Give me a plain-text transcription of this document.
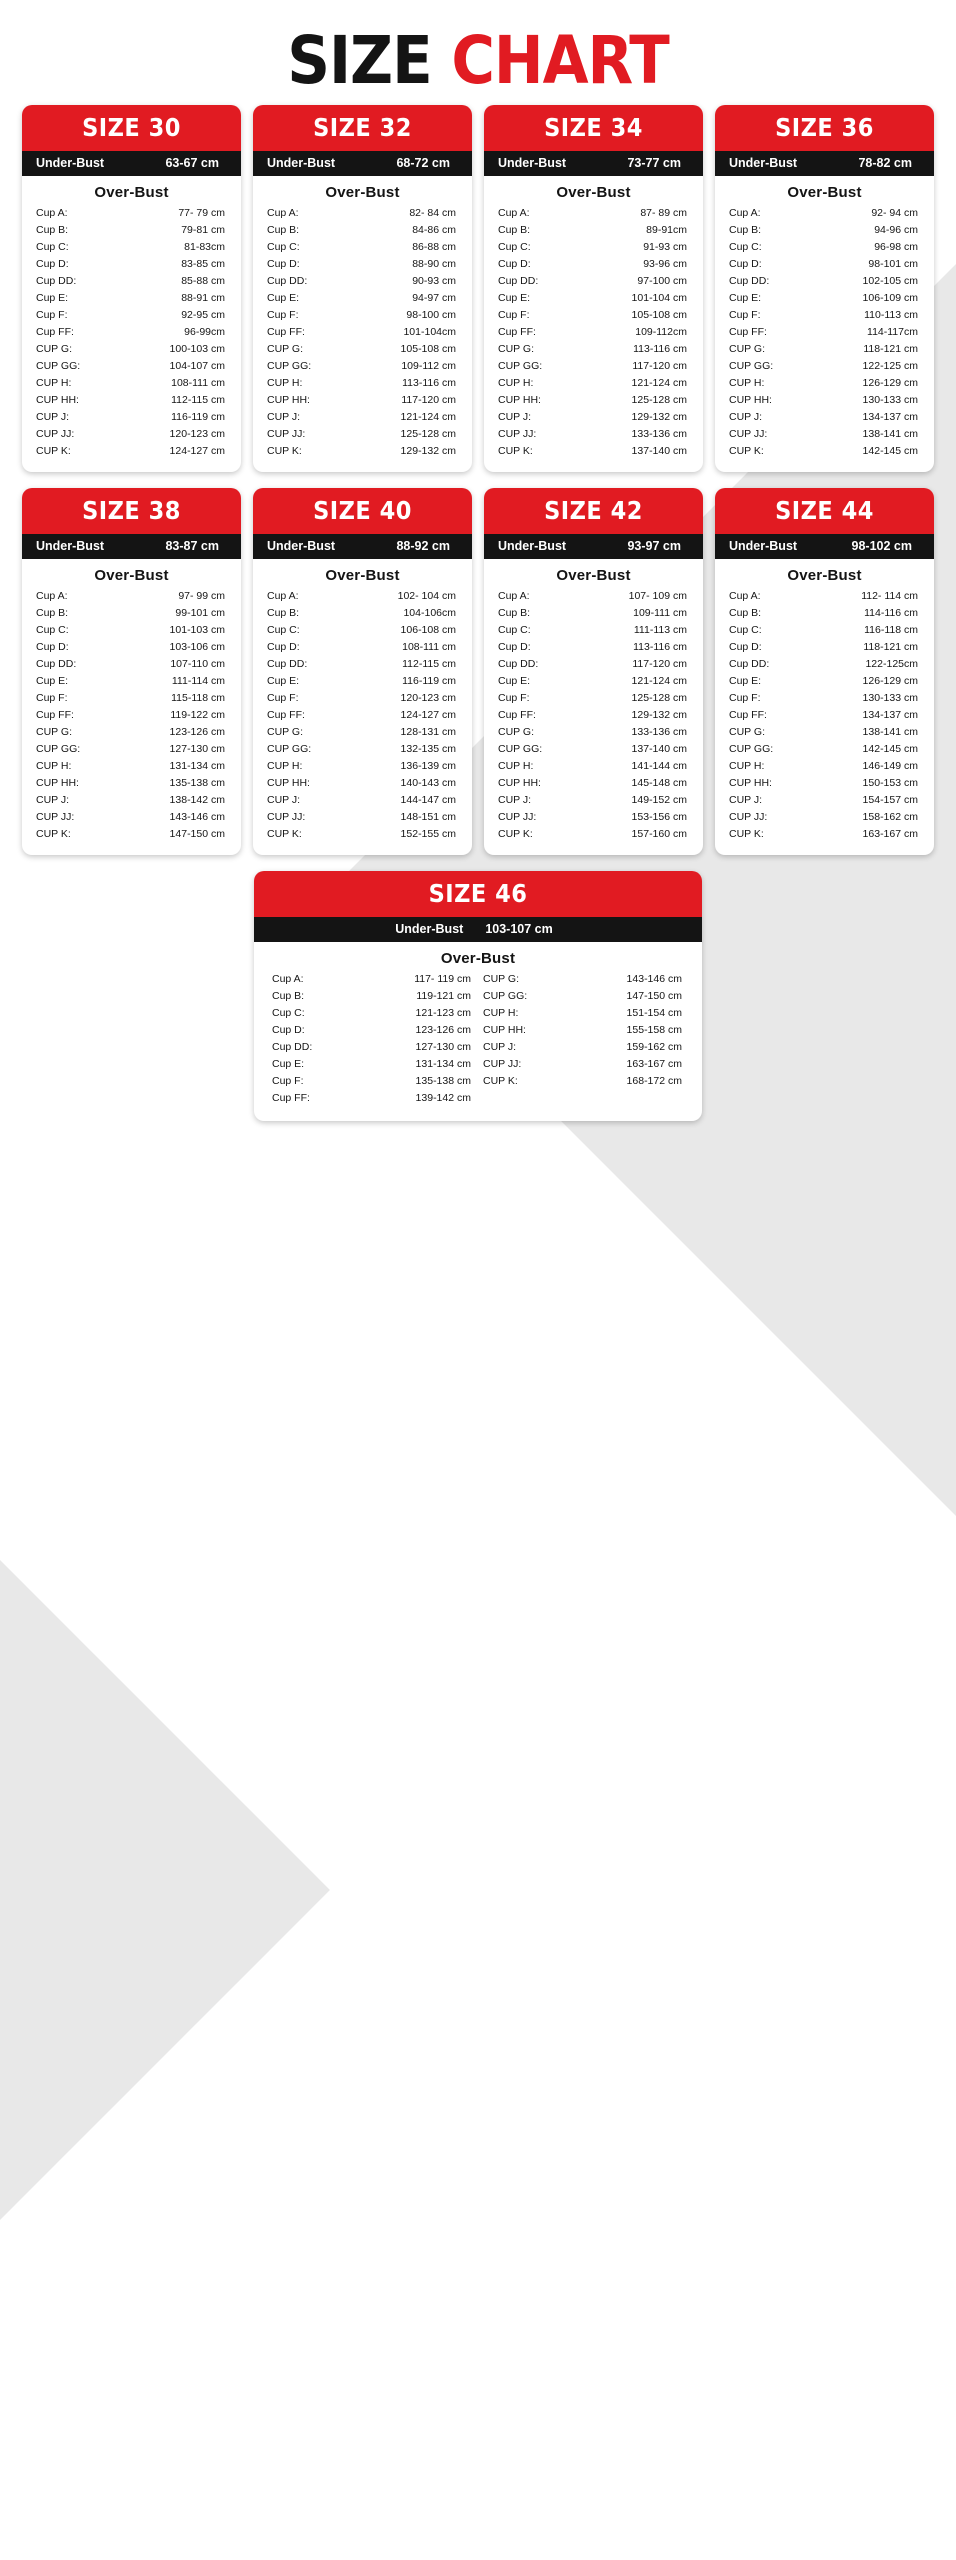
SIZE CHART
SIZE 30
Under-Bust	63-67 cm
Over-Bust
Cup A:	77- 79 cm
Cup B:	79-81 cm
Cup C:	81-83cm
Cup D:	83-85 cm
Cup DD:	85-88 cm
Cup E:	88-91 cm
Cup F:	92-95 cm
Cup FF:	96-99cm
CUP G:	100-103 cm
CUP GG:	104-107 cm
CUP H:	108-111 cm
CUP HH:	112-115 cm
CUP J:	116-119 cm
CUP JJ:	120-123 cm
CUP K:	124-127 cm
SIZE 32
Under-Bust	68-72 cm
Over-Bust
Cup A:	82- 84 cm
Cup B:	84-86 cm
Cup C:	86-88 cm
Cup D:	88-90 cm
Cup DD:	90-93 cm
Cup E:	94-97 cm
Cup F:	98-100 cm
Cup FF:	101-104cm
CUP G:	105-108 cm
CUP GG:	109-112 cm
CUP H:	113-116 cm
CUP HH:	117-120 cm
CUP J:	121-124 cm
CUP JJ:	125-128 cm
CUP K:	129-132 cm
SIZE 34
Under-Bust	73-77 cm
Over-Bust
Cup A:	87- 89 cm
Cup B:	89-91cm
Cup C:	91-93 cm
Cup D:	93-96 cm
Cup DD:	97-100 cm
Cup E:	101-104 cm
Cup F:	105-108 cm
Cup FF:	109-112cm
CUP G:	113-116 cm
CUP GG:	117-120 cm
CUP H:	121-124 cm
CUP HH:	125-128 cm
CUP J:	129-132 cm
CUP JJ:	133-136 cm
CUP K:	137-140 cm
SIZE 36
Under-Bust	78-82 cm
Over-Bust
Cup A:	92- 94 cm
Cup B:	94-96 cm
Cup C:	96-98 cm
Cup D:	98-101 cm
Cup DD:	102-105 cm
Cup E:	106-109 cm
Cup F:	110-113 cm
Cup FF:	114-117cm
CUP G:	118-121 cm
CUP GG:	122-125 cm
CUP H:	126-129 cm
CUP HH:	130-133 cm
CUP J:	134-137 cm
CUP JJ:	138-141 cm
CUP K:	142-145 cm
SIZE 38
Under-Bust	83-87 cm
Over-Bust
Cup A:	97- 99 cm
Cup B:	99-101 cm
Cup C:	101-103 cm
Cup D:	103-106 cm
Cup DD:	107-110 cm
Cup E:	111-114 cm
Cup F:	115-118 cm
Cup FF:	119-122 cm
CUP G:	123-126 cm
CUP GG:	127-130 cm
CUP H:	131-134 cm
CUP HH:	135-138 cm
CUP J:	138-142 cm
CUP JJ:	143-146 cm
CUP K:	147-150 cm
SIZE 40
Under-Bust	88-92 cm
Over-Bust
Cup A:	102- 104 cm
Cup B:	104-106cm
Cup C:	106-108 cm
Cup D:	108-111 cm
Cup DD:	112-115 cm
Cup E:	116-119 cm
Cup F:	120-123 cm
Cup FF:	124-127 cm
CUP G:	128-131 cm
CUP GG:	132-135 cm
CUP H:	136-139 cm
CUP HH:	140-143 cm
CUP J:	144-147 cm
CUP JJ:	148-151 cm
CUP K:	152-155 cm
SIZE 42
Under-Bust	93-97 cm
Over-Bust
Cup A:	107- 109 cm
Cup B:	109-111 cm
Cup C:	111-113 cm
Cup D:	113-116 cm
Cup DD:	117-120 cm
Cup E:	121-124 cm
Cup F:	125-128 cm
Cup FF:	129-132 cm
CUP G:	133-136 cm
CUP GG:	137-140 cm
CUP H:	141-144 cm
CUP HH:	145-148 cm
CUP J:	149-152 cm
CUP JJ:	153-156 cm
CUP K:	157-160 cm
SIZE 44
Under-Bust	98-102 cm
Over-Bust
Cup A:	112- 114 cm
Cup B:	114-116 cm
Cup C:	116-118 cm
Cup D:	118-121 cm
Cup DD:	122-125cm
Cup E:	126-129 cm
Cup F:	130-133 cm
Cup FF:	134-137 cm
CUP G:	138-141 cm
CUP GG:	142-145 cm
CUP H:	146-149 cm
CUP HH:	150-153 cm
CUP J:	154-157 cm
CUP JJ:	158-162 cm
CUP K:	163-167 cm
SIZE 46
Under-Bust 103-107 cm
Over-Bust
Cup A:	117- 119 cm
Cup B:	119-121 cm
Cup C:	121-123 cm
Cup D:	123-126 cm
Cup DD:	127-130 cm
Cup E:	131-134 cm
Cup F:	135-138 cm
Cup FF:	139-142 cm
CUP G:	143-146 cm
CUP GG:	147-150 cm
CUP H:	151-154 cm
CUP HH:	155-158 cm
CUP J:	159-162 cm
CUP JJ:	163-167 cm
CUP K:	168-172 cm
